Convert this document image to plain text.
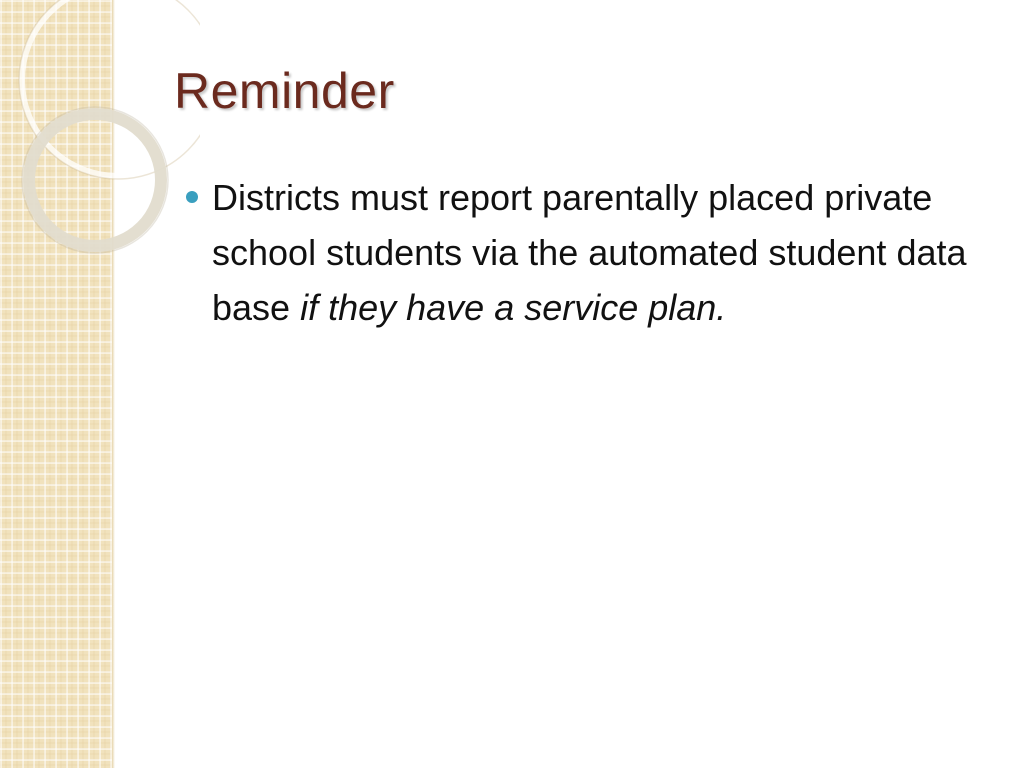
Reminder
Districts must report parentally placed private school students via the automated student data base if they have a service plan.
